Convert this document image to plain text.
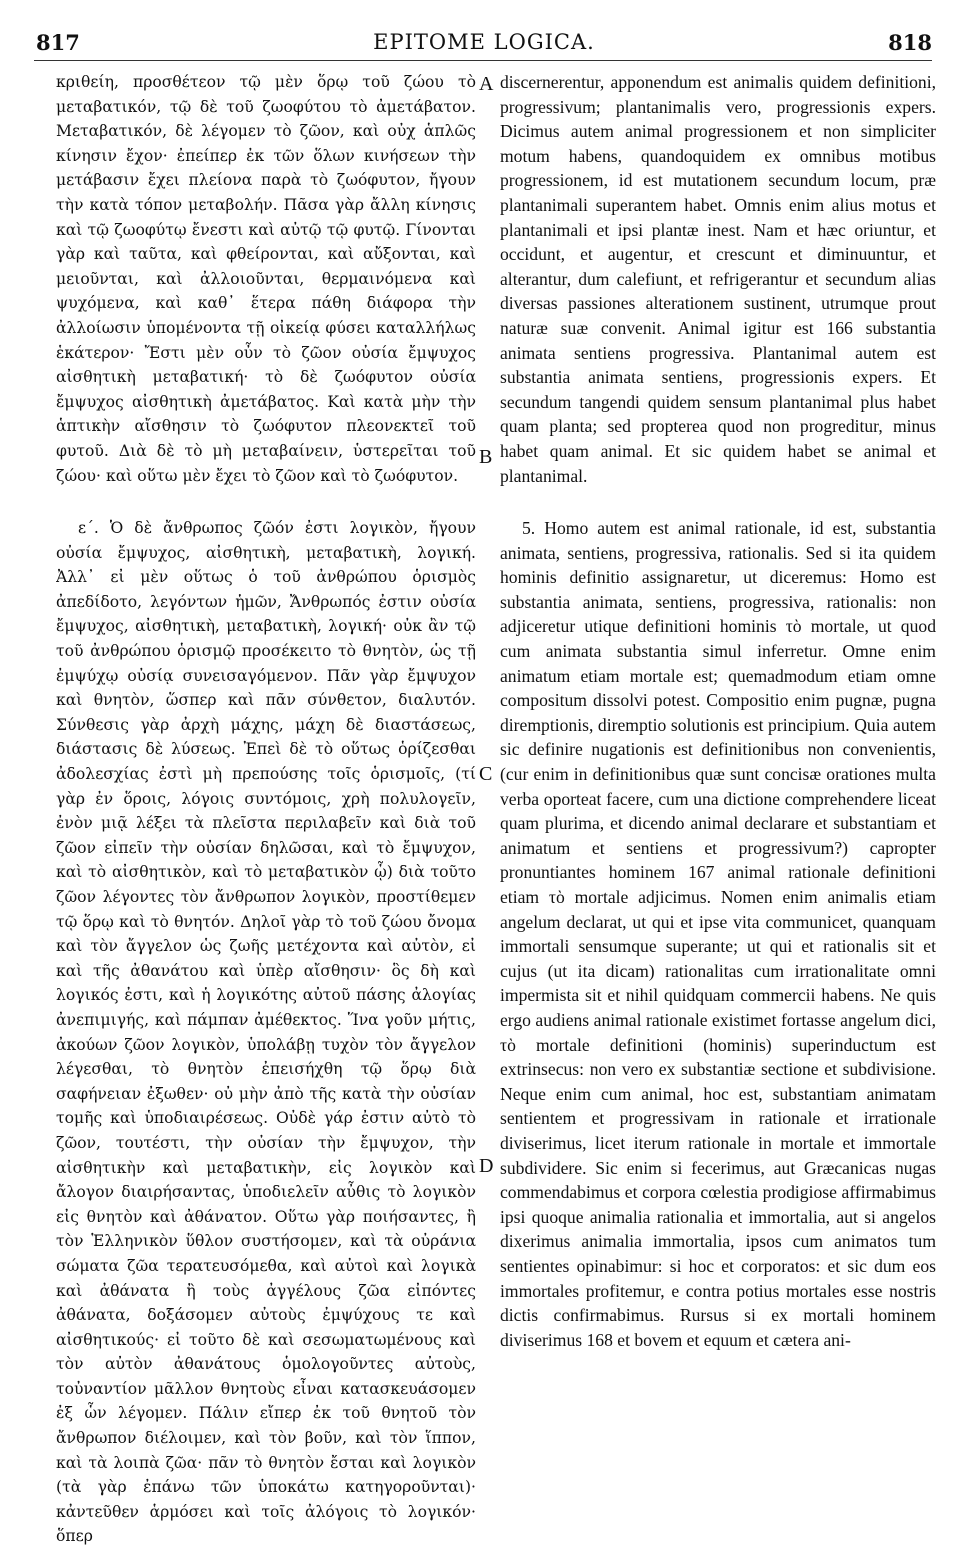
817	EPITOME LOGICA.	818

κριθείη, προσθέτεον τῷ μὲν ὅρῳ τοῦ ζώου τὸ μεταβατικόν, τῷ δὲ τοῦ ζωοφύτου τὸ ἀμετάβατον. Μεταβατικόν, δὲ λέγομεν τὸ ζῶον, καὶ οὐχ ἁπλῶς κίνησιν ἔχον· ἐπείπερ ἐκ τῶν ὅλων κινήσεων τὴν μετάβασιν ἔχει πλείονα παρὰ τὸ ζωόφυτον, ἤγουν τὴν κατὰ τόπον μεταβολήν. Πᾶσα γὰρ ἄλλη κίνησις καὶ τῷ ζωοφύτῳ ἔνεστι καὶ αὐτῷ τῷ φυτῷ. Γίνονται γὰρ καὶ ταῦτα, καὶ φθείρονται, καὶ αὔξονται, καὶ μειοῦνται, καὶ ἀλλοιοῦνται, θερμαινόμενα καὶ ψυχόμενα, καὶ καθ᾽ ἕτερα πάθη διάφορα τὴν ἀλλοίωσιν ὑπομένοντα τῇ οἰκείᾳ φύσει καταλλήλως ἑκάτερον· Ἔστι μὲν οὖν τὸ ζῶον οὐσία ἔμψυχος αἰσθητικὴ μεταβατική· τὸ δὲ ζωόφυτον οὐσία ἔμψυχος αἰσθητικὴ ἀμετάβατος. Καὶ κατὰ μὴν τὴν ἁπτικὴν αἴσθησιν τὸ ζωόφυτον πλεονεκτεῖ τοῦ φυτοῦ. Διὰ δὲ τὸ μὴ μεταβαίνειν, ὑστερεῖται τοῦ ζώου· καὶ οὕτω μὲν ἔχει τὸ ζῶον καὶ τὸ ζωόφυτον.

ε´. Ὁ δὲ ἄνθρωπος ζῶόν ἐστι λογικὸν, ἤγουν οὐσία ἔμψυχος, αἰσθητικὴ, μεταβατικὴ, λογική. Ἀλλ᾽ εἰ μὲν οὕτως ὁ τοῦ ἀνθρώπου ὁρισμὸς ἀπεδίδοτο, λεγόντων ἡμῶν, Ἄνθρωπός ἐστιν οὐσία ἔμψυχος, αἰσθητικὴ, μεταβατικὴ, λογική· οὐκ ἂν τῷ τοῦ ἀνθρώπου ὁρισμῷ προσέκειτο τὸ θνητὸν, ὡς τῇ ἐμψύχῳ οὐσίᾳ συνεισαγόμενον. Πᾶν γὰρ ἔμψυχον καὶ θνητὸν, ὥσπερ καὶ πᾶν σύνθετον, διαλυτόν. Σύνθεσις γὰρ ἀρχὴ μάχης, μάχη δὲ διαστάσεως, διάστασις δὲ λύσεως. Ἐπεὶ δὲ τὸ οὕτως ὁρίζεσθαι ἀδολεσχίας ἐστὶ μὴ πρεπούσης τοῖς ὁρισμοῖς, (τί γὰρ ἐν ὅροις, λόγοις συντόμοις, χρὴ πολυλογεῖν, ἐνὸν μιᾷ λέξει τὰ πλεῖστα περιλαβεῖν καὶ διὰ τοῦ ζῶον εἰπεῖν τὴν οὐσίαν δηλῶσαι, καὶ τὸ ἔμψυχον, καὶ τὸ αἰσθητικὸν, καὶ τὸ μεταβατικὸν ᾧ) διὰ τοῦτο ζῶον λέγοντες τὸν ἄνθρωπον λογικὸν, προστίθεμεν τῷ ὅρῳ καὶ τὸ θνητόν. Δηλοῖ γὰρ τὸ τοῦ ζώου ὄνομα καὶ τὸν ἄγγελον ὡς ζωῆς μετέχοντα καὶ αὐτὸν, εἰ καὶ τῆς ἀθανάτου καὶ ὑπὲρ αἴσθησιν· ὃς δὴ καὶ λογικός ἐστι, καὶ ἡ λογικότης αὐτοῦ πάσης ἀλογίας ἀνεπιμιγής, καὶ πάμπαν ἀμέθεκτος. Ἵνα γοῦν μήτις, ἀκούων ζῶον λογικὸν, ὑπολάβῃ τυχὸν τὸν ἄγγελον λέγεσθαι, τὸ θνητὸν ἐπεισήχθη τῷ ὅρῳ διὰ σαφήνειαν ἐξωθεν· οὐ μὴν ἀπὸ τῆς κατὰ τὴν οὐσίαν τομῆς καὶ ὑποδιαιρέσεως. Οὐδὲ γάρ ἐστιν αὐτὸ τὸ ζῶον, τουτέστι, τὴν οὐσίαν τὴν ἔμψυχον, τὴν αἰσθητικὴν καὶ μεταβατικὴν, εἰς λογικὸν καὶ ἄλογον διαιρήσαντας, ὑποδιελεῖν αὖθις τὸ λογικὸν εἰς θνητὸν καὶ ἀθάνατον. Οὕτω γὰρ ποιήσαντες, ἢ τὸν Ἑλληνικὸν ὕθλον συστήσομεν, καὶ τὰ οὐράνια σώματα ζῶα τερατευσόμεθα, καὶ αὐτοὶ καὶ λογικὰ καὶ ἀθάνατα ἢ τοὺς ἀγγέλους ζῶα εἰπόντες ἀθάνατα, δοξάσομεν αὐτοὺς ἐμψύχους τε καὶ αἰσθητικούς· εἰ τοῦτο δὲ καὶ σεσωματωμένους καὶ τὸν αὐτὸν ἀθανάτους ὁμολογοῦντες αὐτοὺς, τοὐναντίον μᾶλλον θνητοὺς εἶναι κατασκευάσομεν ἐξ ὧν λέγομεν. Πάλιν εἴπερ ἐκ τοῦ θνητοῦ τὸν ἄνθρωπον διέλοιμεν, καὶ τὸν βοῦν, καὶ τὸν ἵππον, καὶ τὰ λοιπὰ ζῶα· πᾶν τὸ θνητὸν ἔσται καὶ λογικὸν (τὰ γὰρ ἐπάνω τῶν ὑποκάτω κατηγοροῦνται)· κἀντεῦθεν ἁρμόσει καὶ τοῖς ἀλόγοις τὸ λογικόν· ὅπερ

A
B
C
D

discernerentur, apponendum est animalis quidem definitioni, progressivum; plantanimalis vero, progressionis expers. Dicimus autem animal progressionem et non simpliciter motum habens, quandoquidem ex omnibus motibus progressionem, id est mutationem secundum locum, præ plantanimali superantem habet. Omnis enim alius motus et plantanimali et ipsi plantæ inest. Nam et hæc oriuntur, et occidunt, et augentur, et crescunt et diminuuntur, et alterantur, dum calefiunt, et refrigerantur et secundum alias diversas passiones alterationem sustinent, utrumque prout naturæ suæ convenit. Animal igitur est 166 substantia animata sentiens progressiva. Plantanimal autem est substantia animata sentiens, progressionis expers. Et secundum tangendi quidem sensum plantanimal plus habet quam planta; sed propterea quod non progreditur, minus habet quam animal. Et sic quidem habet se animal et plantanimal.

5. Homo autem est animal rationale, id est, substantia animata, sentiens, progressiva, rationalis. Sed si ita quidem hominis definitio assignaretur, ut diceremus: Homo est substantia animata, sentiens, progressiva, rationalis: non adjiceretur utique definitioni hominis τὸ mortale, ut quod cum animata substantia simul inferretur. Omne enim animatum etiam mortale est; quemadmodum etiam omne compositum dissolvi potest. Compositio enim pugnæ, pugna diremptionis, diremptio solutionis est principium. Quia autem sic definire nugationis est definitionibus non convenientis, (cur enim in definitionibus quæ sunt concisæ orationes multa verba oporteat facere, cum una dictione comprehendere liceat quam plurima, et dicendo animal declarare et substantiam et animatum et sentiens et progressivum?) capropter pronuntiantes hominem 167 animal rationale definitioni etiam τὸ mortale adjicimus. Nomen enim animalis etiam angelum declarat, ut qui et ipse vita communicet, quanquam immortali sensumque superante; ut qui et rationalis sit et cujus (ut ita dicam) rationalitas cum irrationalitate omni impermista sit et nihil quidquam commercii habens. Ne quis ergo audiens animal rationale existimet fortasse angelum dici, τὸ mortale definitioni (hominis) superinductum est extrinsecus: non vero ex substantiæ sectione et subdivisione. Neque enim cum animal, hoc est, substantiam animatam sentientem et progressivam in rationale et irrationale diviserimus, licet iterum rationale in mortale et immortale subdividere. Sic enim si fecerimus, aut Græcanicas nugas commendabimus et corpora cœlestia prodigiose affirmabimus ipsi quoque animalia rationalia et immortalia, aut si angelos dixerimus animalia immortalia, ipsos cum animatos tum sentientes opinabimur: si hoc et corporatos: et sic dum eos immortales profitemur, e contra potius mortales esse nostris dictis confirmabimus. Rursus si ex mortali hominem diviserimus 168 et bovem et equum et cætera ani-
